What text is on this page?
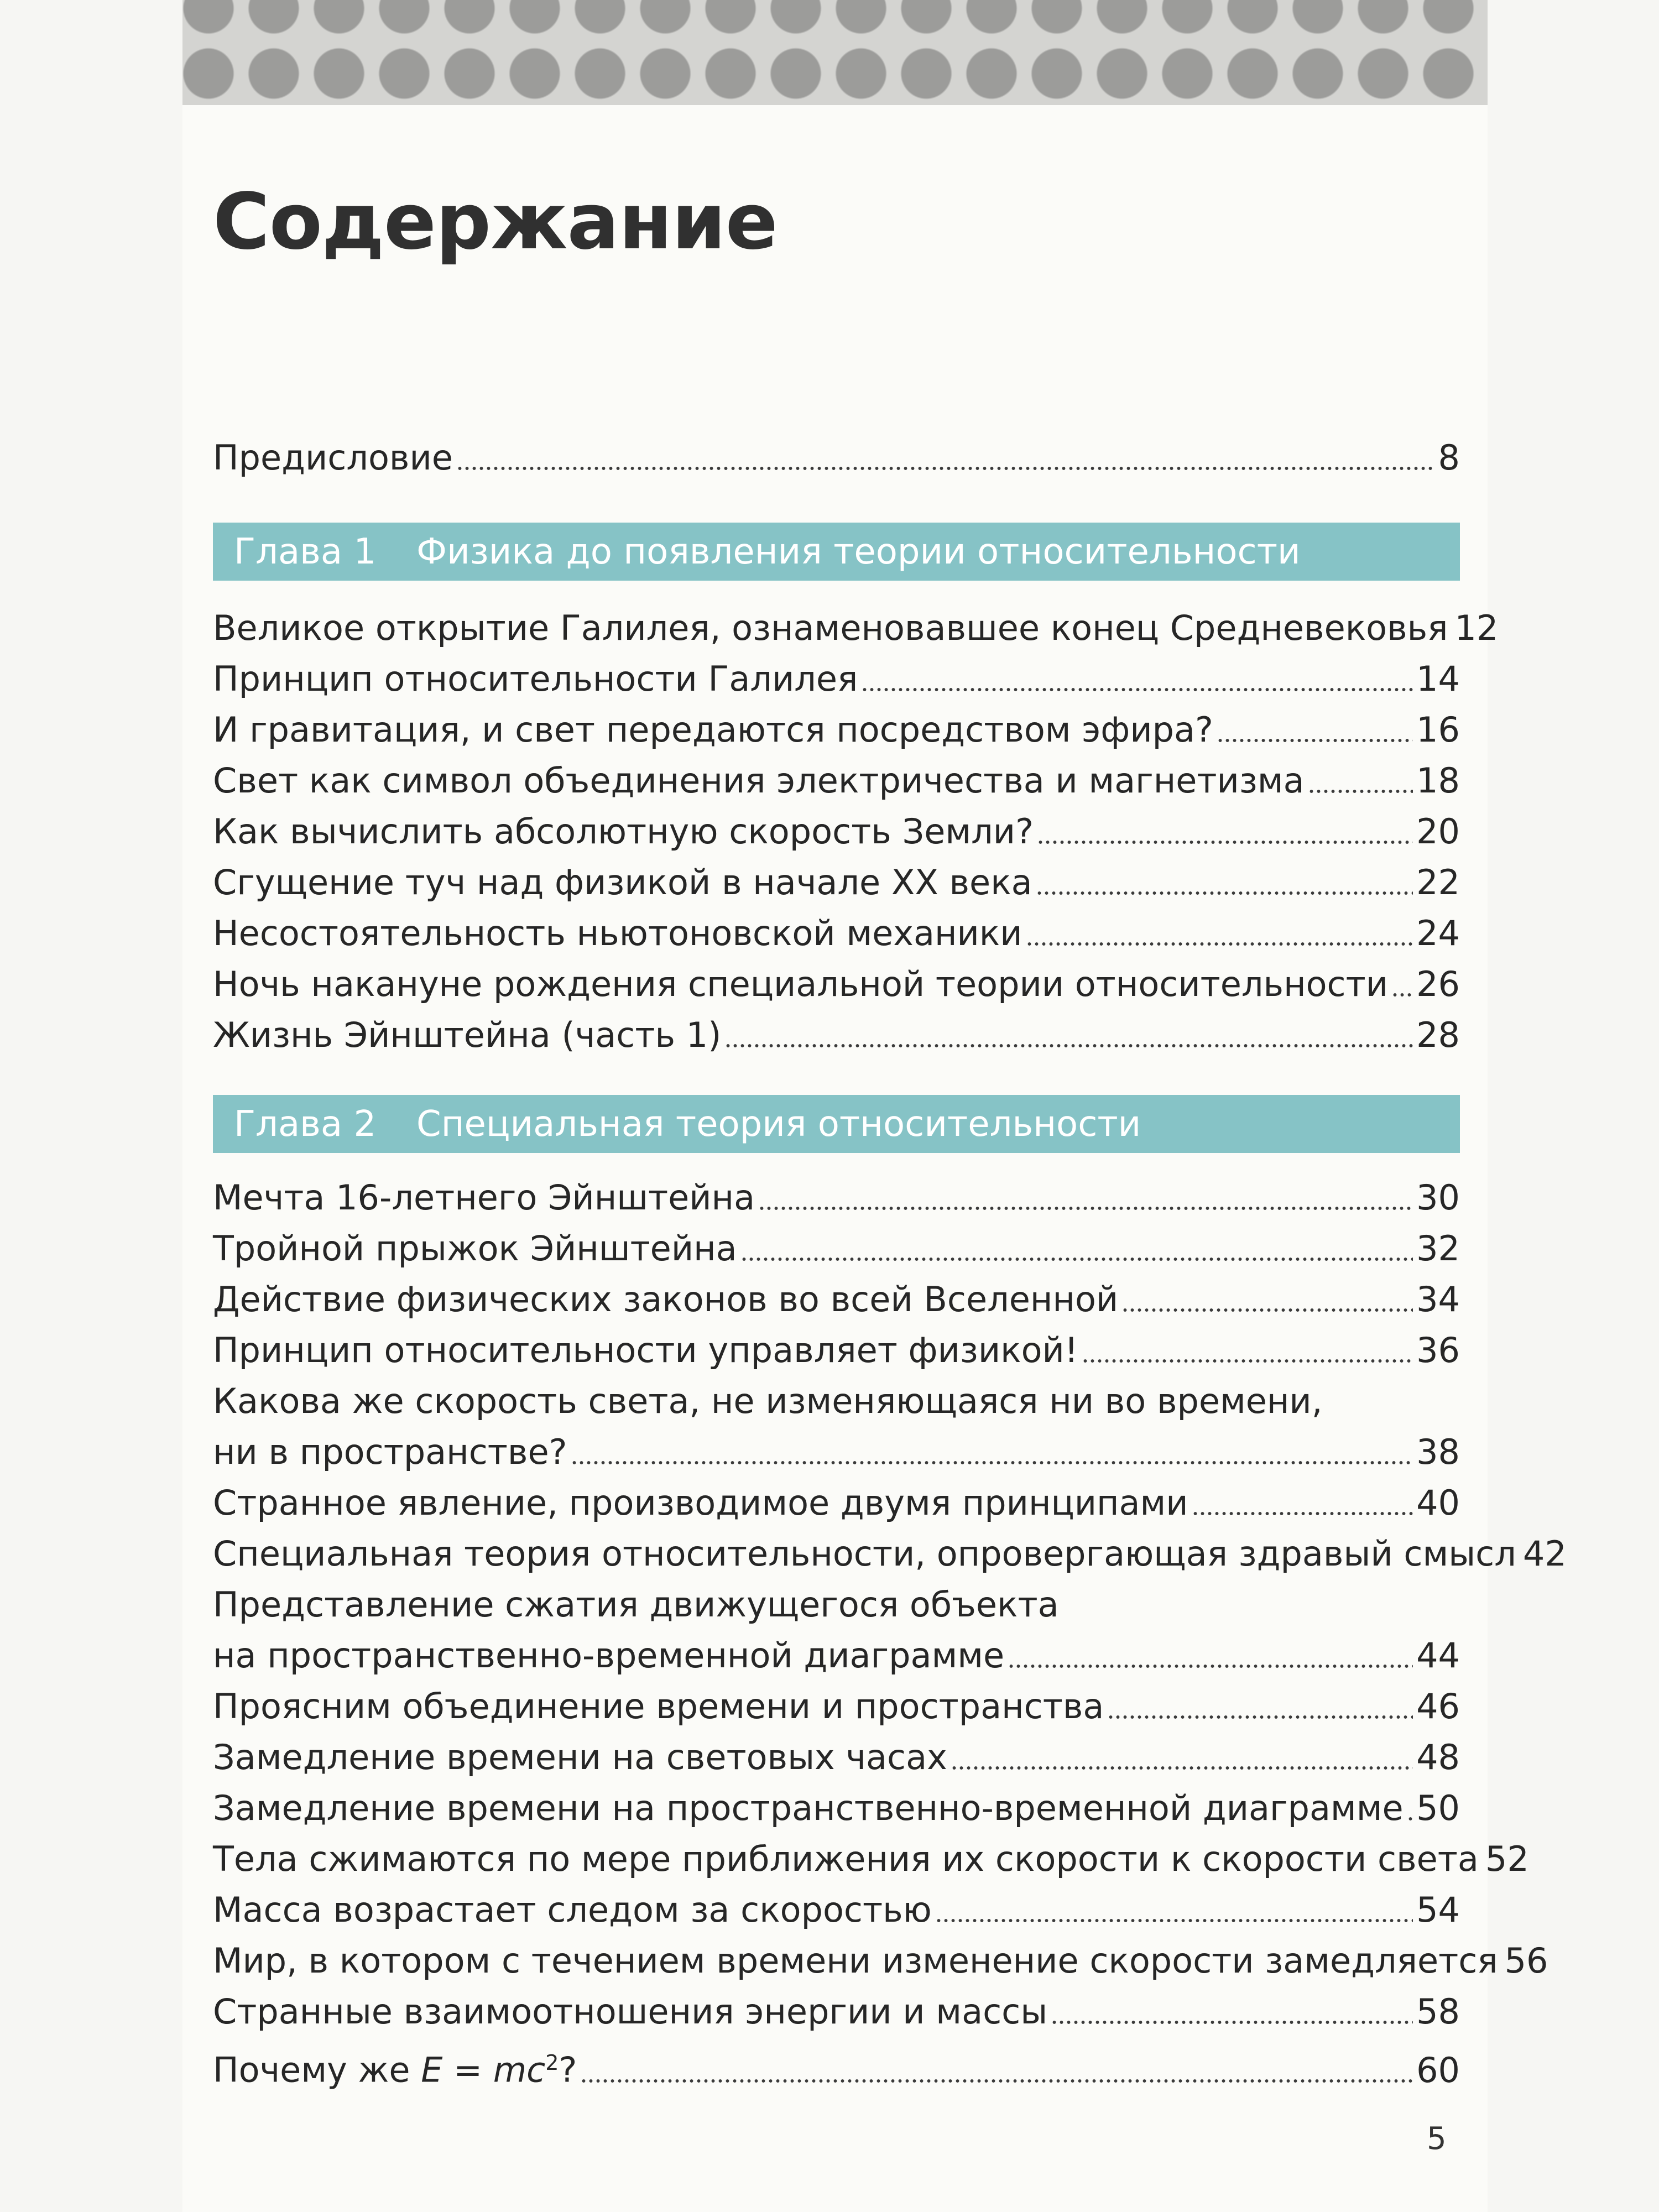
Содержание
Предисловие	8
Глава 1	Физика до появления теории относительности
Великое открытие Галилея, ознаменовавшее конец Средневековья 12
Принцип относительности Галилея	14
И гравитация, и свет передаются посредством эфира?	16
Свет как символ объединения электричества и магнетизма	18
Как вычислить абсолютную скорость Земли?	20
Сгущение туч над физикой в начале XX века	22
Несостоятельность ньютоновской механики	24
Ночь накануне рождения специальной теории относительности 26
Жизнь Эйнштейна (часть 1)	28
Глава 2	Специальная теория относительности
Мечта 16-летнего Эйнштейна	30
Тройной прыжок Эйнштейна	32
Действие физических законов во всей Вселенной	34
Принцип относительности управляет физикой!	36
Какова же скорость света, не изменяющаяся ни во времени,
ни в пространстве?	38
Странное явление, производимое двумя принципами	40
Специальная теория относительности, опровергающая здравый смысл 42
Представление сжатия движущегося объекта
на пространственно-временной диаграмме	44
Проясним объединение времени и пространства	46
Замедление времени на световых часах	48
Замедление времени на пространственно-временной диаграмме 50
Тела сжимаются по мере приближения их скорости к скорости света 52
Масса возрастает следом за скоростью	54
Мир, в котором с течением времени изменение скорости замедляется 56
Странные взаимоотношения энергии и массы	58
Почему же $E = mc^2$?	60
5
